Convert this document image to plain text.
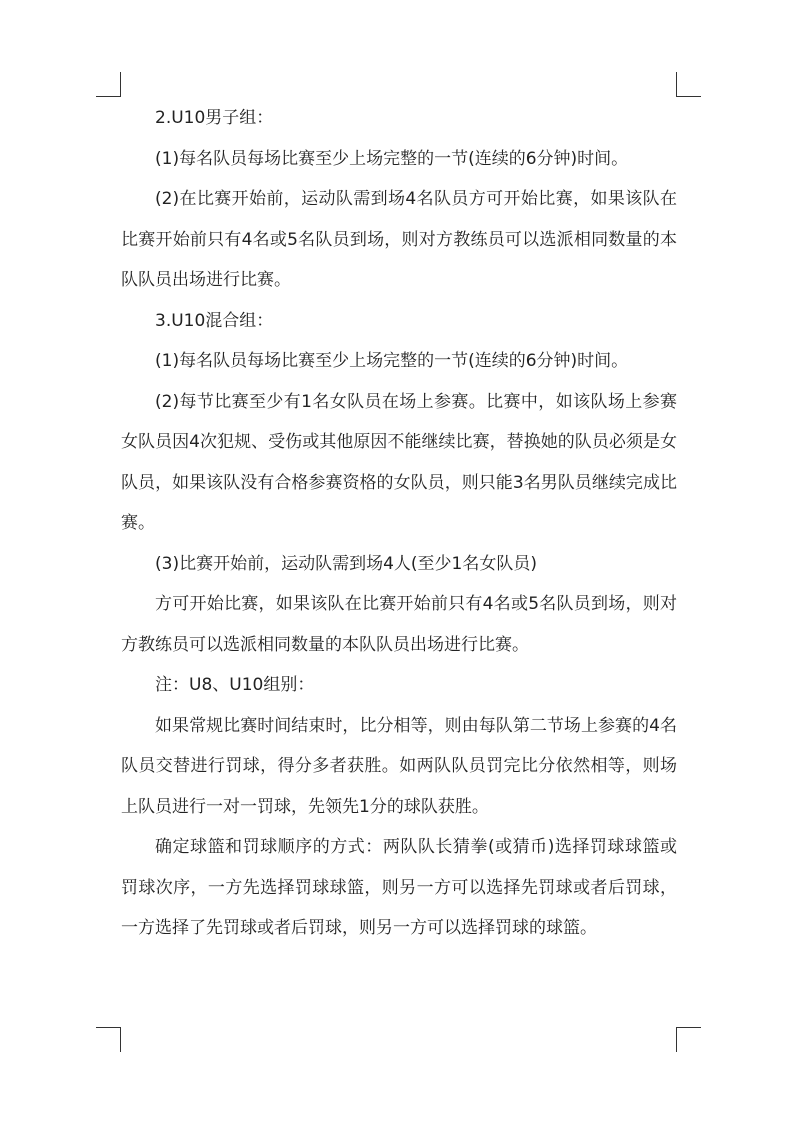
2.U10男子组：

(1)每名队员每场比赛至少上场完整的一节(连续的6分钟)时间。

(2)在比赛开始前，运动队需到场4名队员方可开始比赛，如果该队在比赛开始前只有4名或5名队员到场，则对方教练员可以选派相同数量的本队队员出场进行比赛。

3.U10混合组：

(1)每名队员每场比赛至少上场完整的一节(连续的6分钟)时间。

(2)每节比赛至少有1名女队员在场上参赛。比赛中，如该队场上参赛女队员因4次犯规、受伤或其他原因不能继续比赛，替换她的队员必须是女队员，如果该队没有合格参赛资格的女队员，则只能3名男队员继续完成比赛。

(3)比赛开始前，运动队需到场4人(至少1名女队员)

方可开始比赛，如果该队在比赛开始前只有4名或5名队员到场，则对方教练员可以选派相同数量的本队队员出场进行比赛。

注：U8、U10组别：

如果常规比赛时间结束时，比分相等，则由每队第二节场上参赛的4名队员交替进行罚球，得分多者获胜。如两队队员罚完比分依然相等，则场上队员进行一对一罚球，先领先1分的球队获胜。

确定球篮和罚球顺序的方式：两队队长猜拳(或猜币)选择罚球球篮或罚球次序，一方先选择罚球球篮，则另一方可以选择先罚球或者后罚球，一方选择了先罚球或者后罚球，则另一方可以选择罚球的球篮。
